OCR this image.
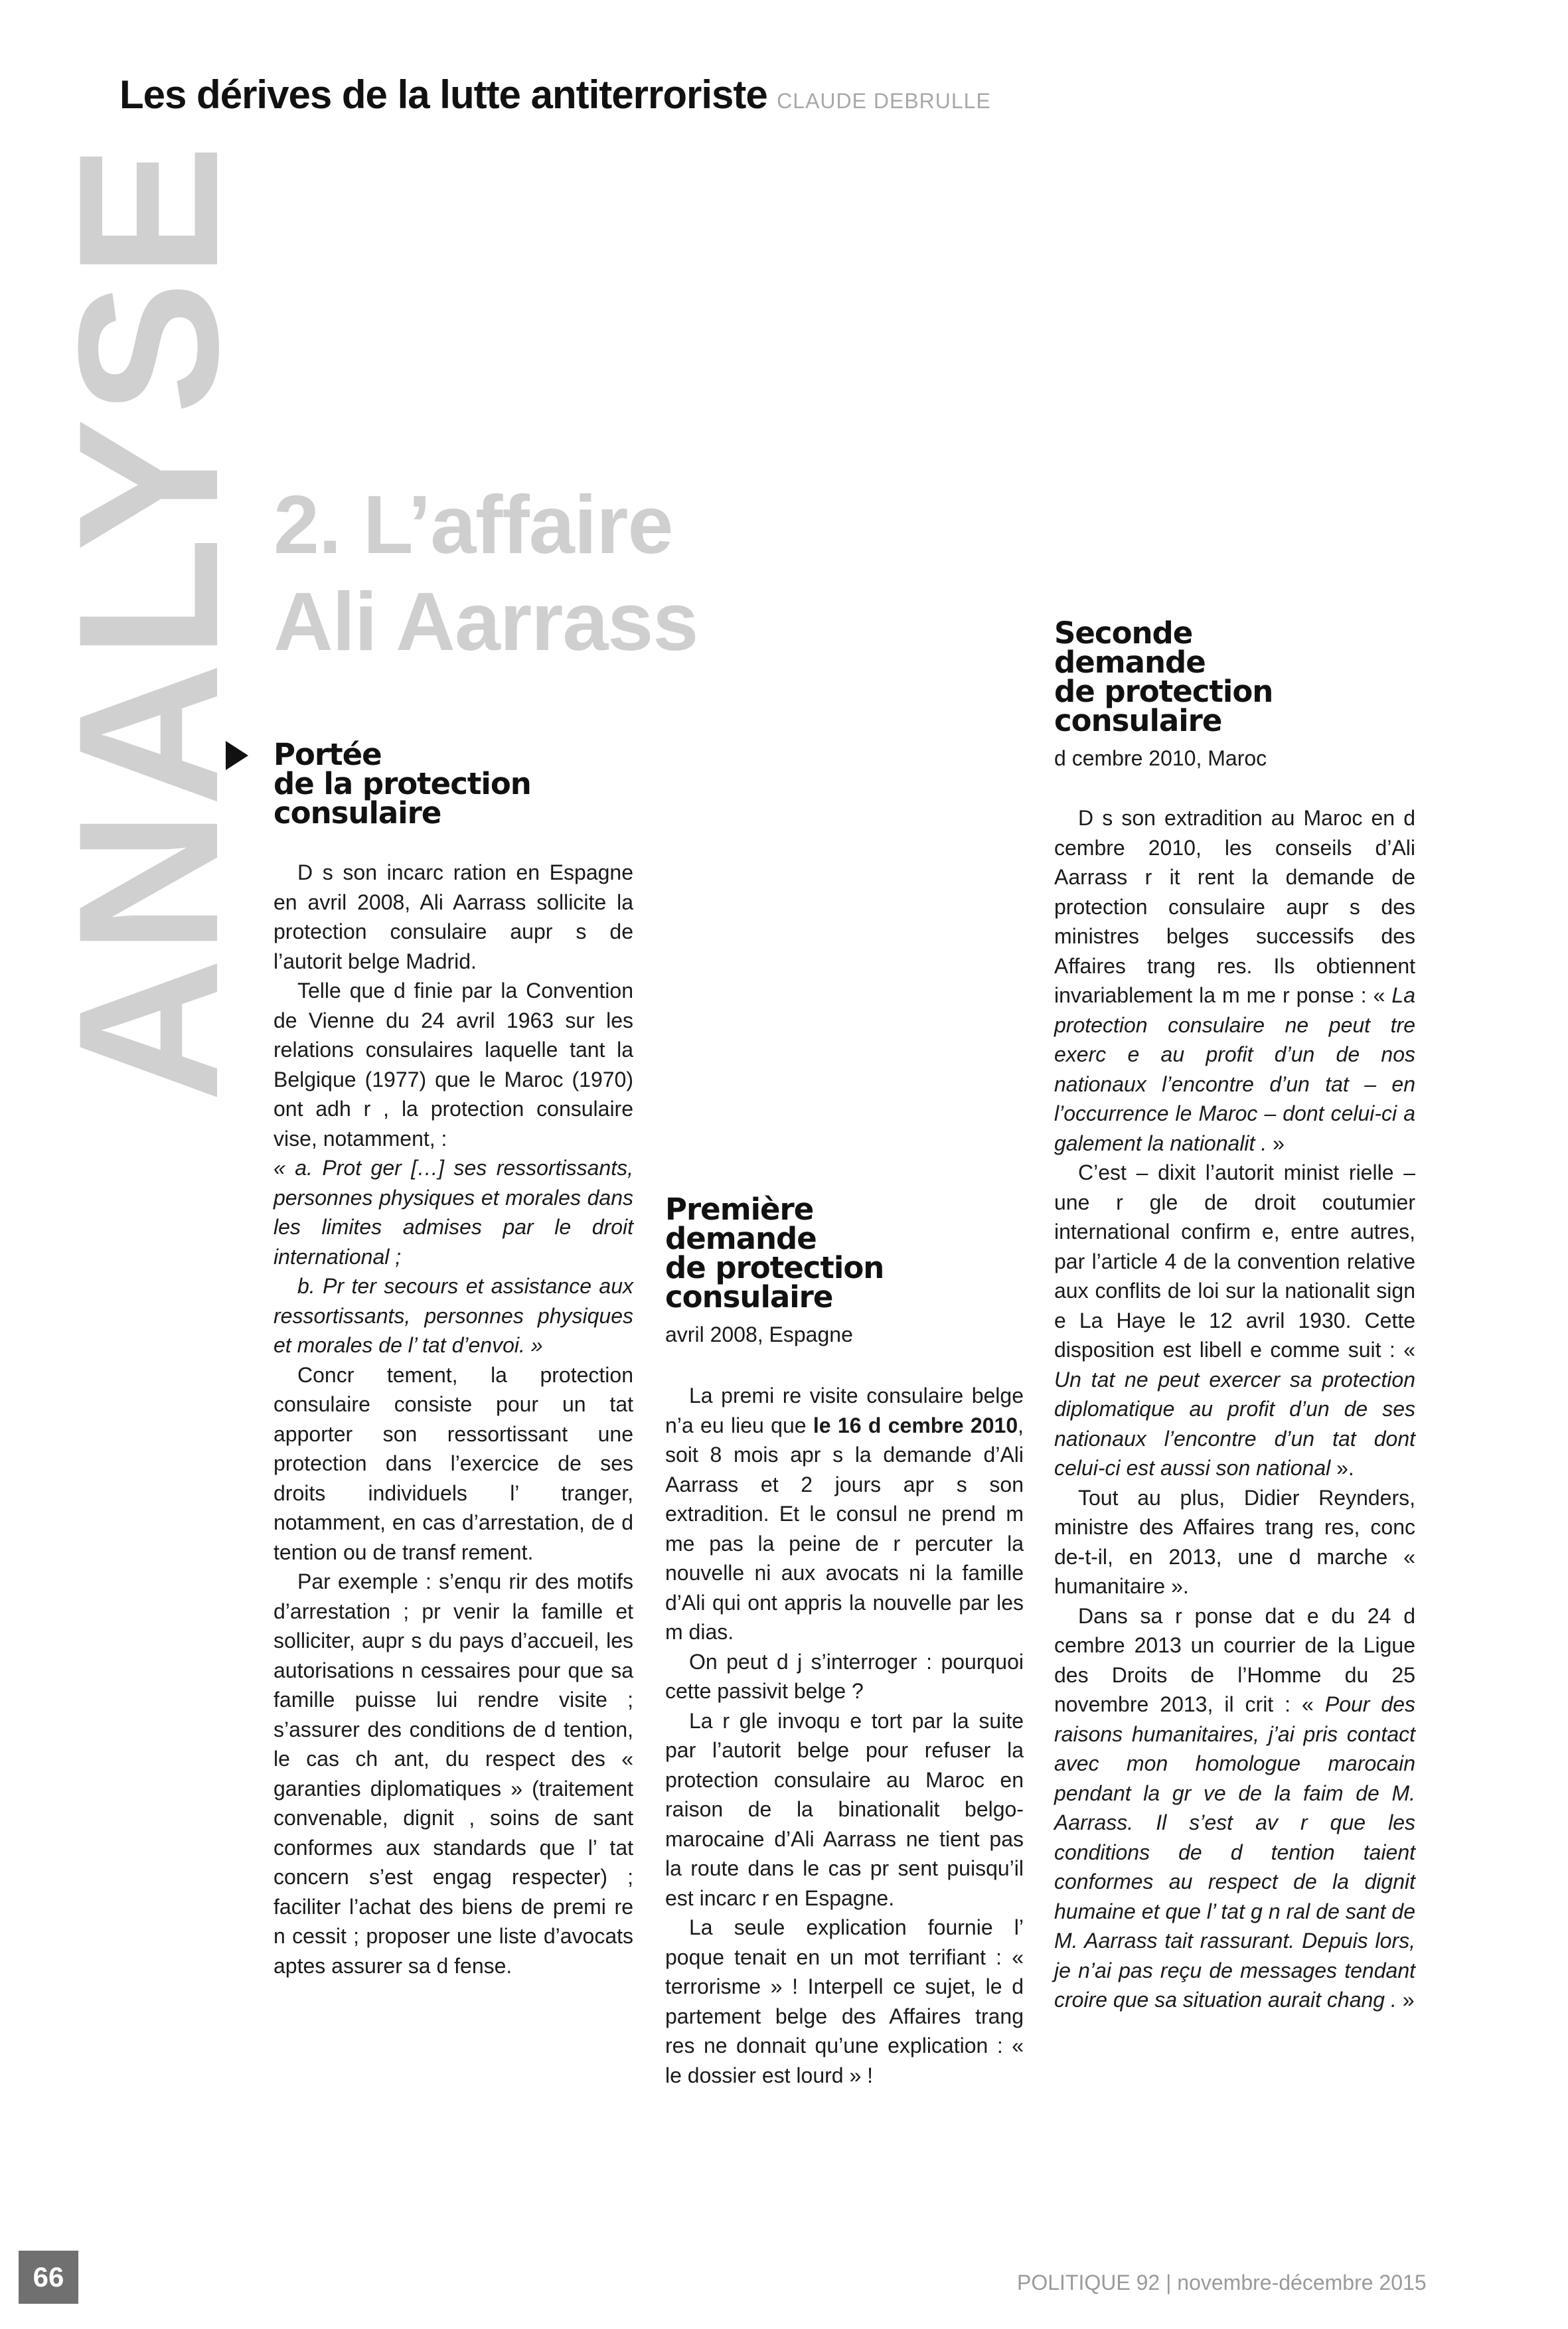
Les dérives de la lutte antiterroriste CLAUDE DEBRULLE
ANALYSE 2. L’affaire
Ali Aarrass
Portée
de la protection
consulaire

D s son incarc ration en Espagne en avril 2008, Ali Aarrass sollicite la protection consulaire aupr s de l’autorit belge Madrid.

Telle que d finie par la Convention de Vienne du 24 avril 1963 sur les relations consulaires laquelle tant la Belgique (1977) que le Maroc (1970) ont adh r , la protection consulaire vise, notamment, :

« a. Prot ger […] ses ressortissants, personnes physiques et morales dans les limites admises par le droit international ;

b. Pr ter secours et assistance aux ressortissants, personnes physiques et morales de l’ tat d’envoi. »

Concr tement, la protection consulaire consiste pour un tat apporter son ressortissant une protection dans l’exercice de ses droits individuels l’ tranger, notamment, en cas d’arrestation, de d tention ou de transf rement.

Par exemple : s’enqu rir des motifs d’arrestation ; pr venir la famille et solliciter, aupr s du pays d’accueil, les autorisations n cessaires pour que sa famille puisse lui rendre visite ; s’assurer des conditions de d tention, le cas ch ant, du respect des « garanties diplomatiques » (traitement convenable, dignit , soins de sant conformes aux standards que l’ tat concern s’est engag respecter) ; faciliter l’achat des biens de premi re n cessit ; proposer une liste d’avocats aptes assurer sa d fense.

Première
demande
de protection
consulaire
avril 2008, Espagne

La premi re visite consulaire belge n’a eu lieu que le 16 d cembre 2010, soit 8 mois apr s la demande d’Ali Aarrass et 2 jours apr s son extradition. Et le consul ne prend m me pas la peine de r percuter la nouvelle ni aux avocats ni la famille d’Ali qui ont appris la nouvelle par les m dias.

On peut d j s’interroger : pourquoi cette passivit belge ?

La r gle invoqu e tort par la suite par l’autorit belge pour refuser la protection consulaire au Maroc en raison de la binationalit belgo-marocaine d’Ali Aarrass ne tient pas la route dans le cas pr sent puisqu’il est incarc r en Espagne.

La seule explication fournie l’ poque tenait en un mot terrifiant : « terrorisme » ! Interpell ce sujet, le d partement belge des Affaires trang res ne donnait qu’une explication : « le dossier est lourd » !

Seconde
demande
de protection
consulaire
d cembre 2010, Maroc

D s son extradition au Maroc en d cembre 2010, les conseils d’Ali Aarrass r it rent la demande de protection consulaire aupr s des ministres belges successifs des Affaires trang res. Ils obtiennent invariablement la m me r ponse : « La protection consulaire ne peut tre exerc e au profit d’un de nos nationaux l’encontre d’un tat – en l’occurrence le Maroc – dont celui-ci a galement la nationalit . »

C’est – dixit l’autorit minist rielle – une r gle de droit coutumier international confirm e, entre autres, par l’article 4 de la convention relative aux conflits de loi sur la nationalit sign e La Haye le 12 avril 1930. Cette disposition est libell e comme suit : « Un tat ne peut exercer sa protection diplomatique au profit d’un de ses nationaux l’encontre d’un tat dont celui-ci est aussi son national ».

Tout au plus, Didier Reynders, ministre des Affaires trang res, conc de-t-il, en 2013, une d marche « humanitaire ».

Dans sa r ponse dat e du 24 d cembre 2013 un courrier de la Ligue des Droits de l’Homme du 25 novembre 2013, il crit : « Pour des raisons humanitaires, j’ai pris contact avec mon homologue marocain pendant la gr ve de la faim de M. Aarrass. Il s’est av r que les conditions de d tention taient conformes au respect de la dignit humaine et que l’ tat g n ral de sant de M. Aarrass tait rassurant. Depuis lors, je n’ai pas reçu de messages tendant croire que sa situation aurait chang . »

66	POLITIQUE 92 | novembre-décembre 2015
